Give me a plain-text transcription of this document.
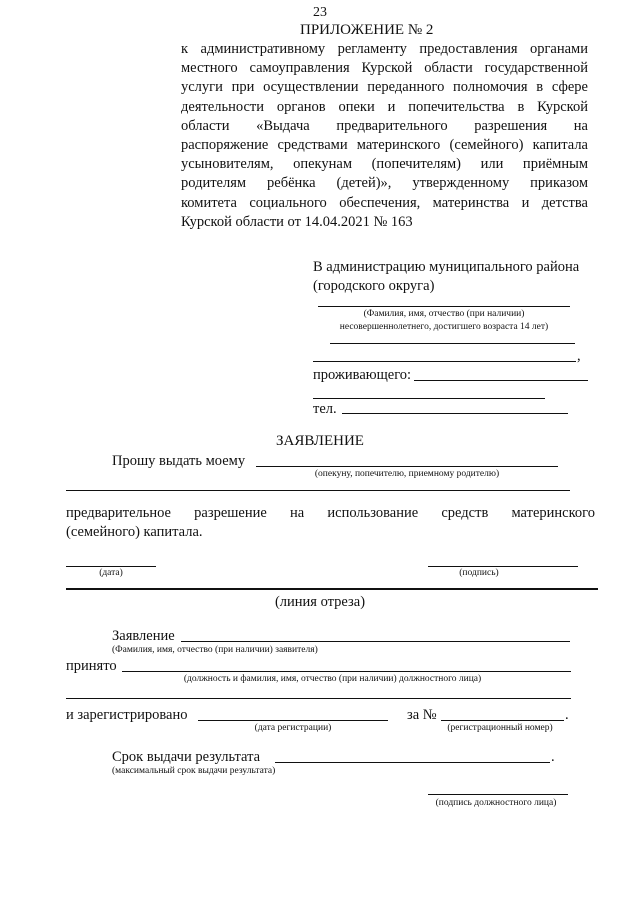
23
ПРИЛОЖЕНИЕ № 2
к административному регламенту предоставления органами
местного самоуправления Курской области государственной
услуги при осуществлении переданного полномочия в сфере
деятельности органов опеки и попечительства в Курской
области «Выдача предварительного разрешения на
распоряжение средствами материнского (семейного) капитала
усыновителям, опекунам (попечителям) или приёмным
родителям ребёнка (детей)», утвержденному приказом
комитета социального обеспечения, материнства и детства
Курской области от 14.04.2021 № 163
В администрацию муниципального района
(городского округа)
(Фамилия, имя, отчество (при наличии)
несовершеннолетнего, достигшего возраста 14 лет)
,
проживающего:
тел.
ЗАЯВЛЕНИЕ
Прошу выдать моему
(опекуну, попечителю, приемному родителю)
предварительное разрешение на использование средств материнского
(семейного) капитала.
(дата)	(подпись)
(линия отреза)
Заявление
(Фамилия, имя, отчество (при наличии) заявителя)
принято
(должность и фамилия, имя, отчество (при наличии) должностного лица)
и зарегистрировано
(дата регистрации)
за №	.
(регистрационный номер)
Срок выдачи результата	.
(максимальный срок выдачи результата)
(подпись должностного лица)
